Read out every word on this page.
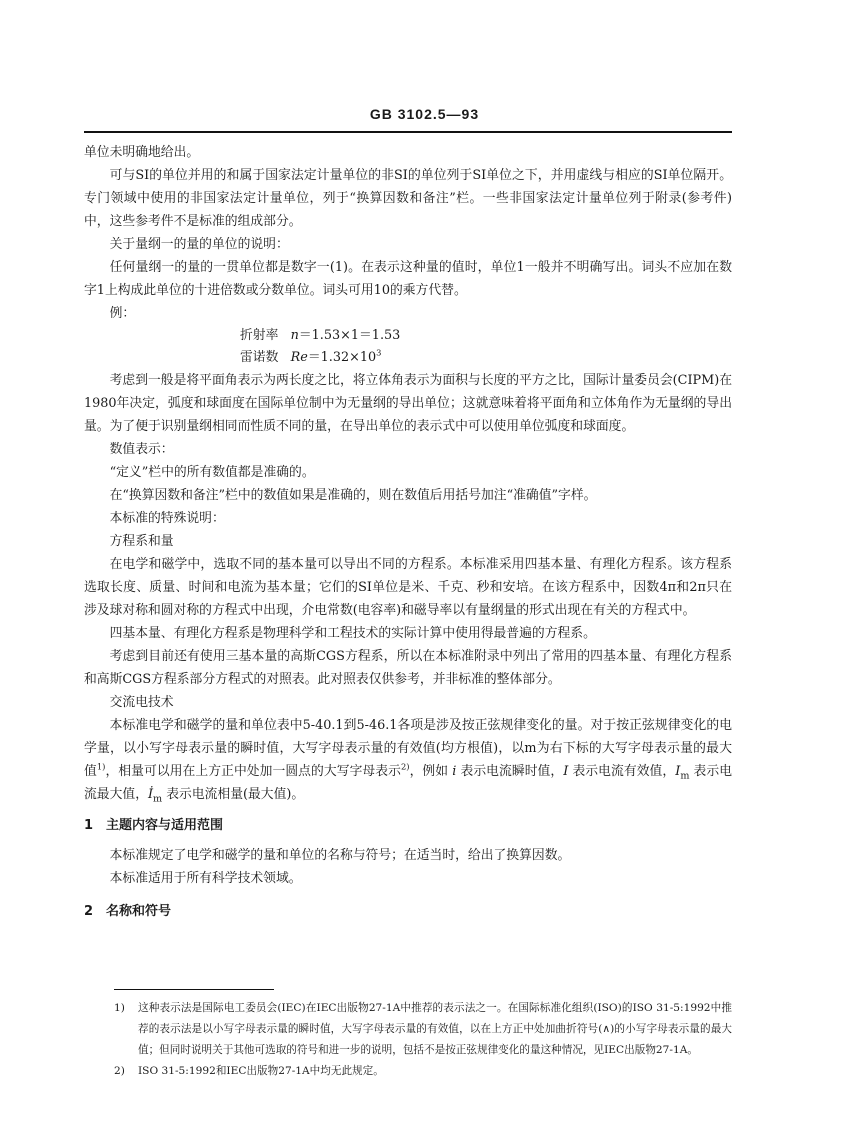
GB 3102.5—93

单位未明确地给出。

可与SI的单位并用的和属于国家法定计量单位的非SI的单位列于SI单位之下，并用虚线与相应的SI单位隔开。专门领域中使用的非国家法定计量单位，列于“换算因数和备注”栏。一些非国家法定计量单位列于附录(参考件)中，这些参考件不是标准的组成部分。

关于量纲一的量的单位的说明：

任何量纲一的量的一贯单位都是数字一(1)。在表示这种量的值时，单位1一般并不明确写出。词头不应加在数字1上构成此单位的十进倍数或分数单位。词头可用10的乘方代替。

例：

折射率 n＝1.53×1＝1.53

雷诺数 $Re=1.32\times 10^3$

考虑到一般是将平面角表示为两长度之比，将立体角表示为面积与长度的平方之比，国际计量委员会(CIPM)在1980年决定，弧度和球面度在国际单位制中为无量纲的导出单位；这就意味着将平面角和立体角作为无量纲的导出量。为了便于识别量纲相同而性质不同的量，在导出单位的表示式中可以使用单位弧度和球面度。

数值表示：

“定义”栏中的所有数值都是准确的。

在“换算因数和备注”栏中的数值如果是准确的，则在数值后用括号加注“准确值”字样。

本标准的特殊说明：

方程系和量

在电学和磁学中，选取不同的基本量可以导出不同的方程系。本标准采用四基本量、有理化方程系。该方程系选取长度、质量、时间和电流为基本量；它们的SI单位是米、千克、秒和安培。在该方程系中，因数4π和2π只在涉及球对称和圆对称的方程式中出现，介电常数(电容率)和磁导率以有量纲量的形式出现在有关的方程式中。

四基本量、有理化方程系是物理科学和工程技术的实际计算中使用得最普遍的方程系。

考虑到目前还有使用三基本量的高斯CGS方程系，所以在本标准附录中列出了常用的四基本量、有理化方程系和高斯CGS方程系部分方程式的对照表。此对照表仅供参考，并非标准的整体部分。

交流电技术

本标准电学和磁学的量和单位表中5-40.1到5-46.1各项是涉及按正弦规律变化的量。对于按正弦规律变化的电学量，以小写字母表示量的瞬时值，大写字母表示量的有效值(均方根值)，以m为右下标的大写字母表示量的最大值$^{1)}$，相量可以用在上方正中处加一圆点的大写字母表示$^{2)}$，例如 i 表示电流瞬时值，I 表示电流有效值，$I_m$ 表示电流最大值，$İ_m$ 表示电流相量(最大值)。

1 主题内容与适用范围

本标准规定了电学和磁学的量和单位的名称与符号；在适当时，给出了换算因数。

本标准适用于所有科学技术领域。

2 名称和符号

1)	这种表示法是国际电工委员会(IEC)在IEC出版物27-1A中推荐的表示法之一。在国际标准化组织(ISO)的ISO 31-5:1992中推荐的表示法是以小写字母表示量的瞬时值，大写字母表示量的有效值，以在上方正中处加曲折符号(∧)的小写字母表示量的最大值；但同时说明关于其他可选取的符号和进一步的说明，包括不是按正弦规律变化的量这种情况，见IEC出版物27-1A。
2)	ISO 31-5:1992和IEC出版物27-1A中均无此规定。
